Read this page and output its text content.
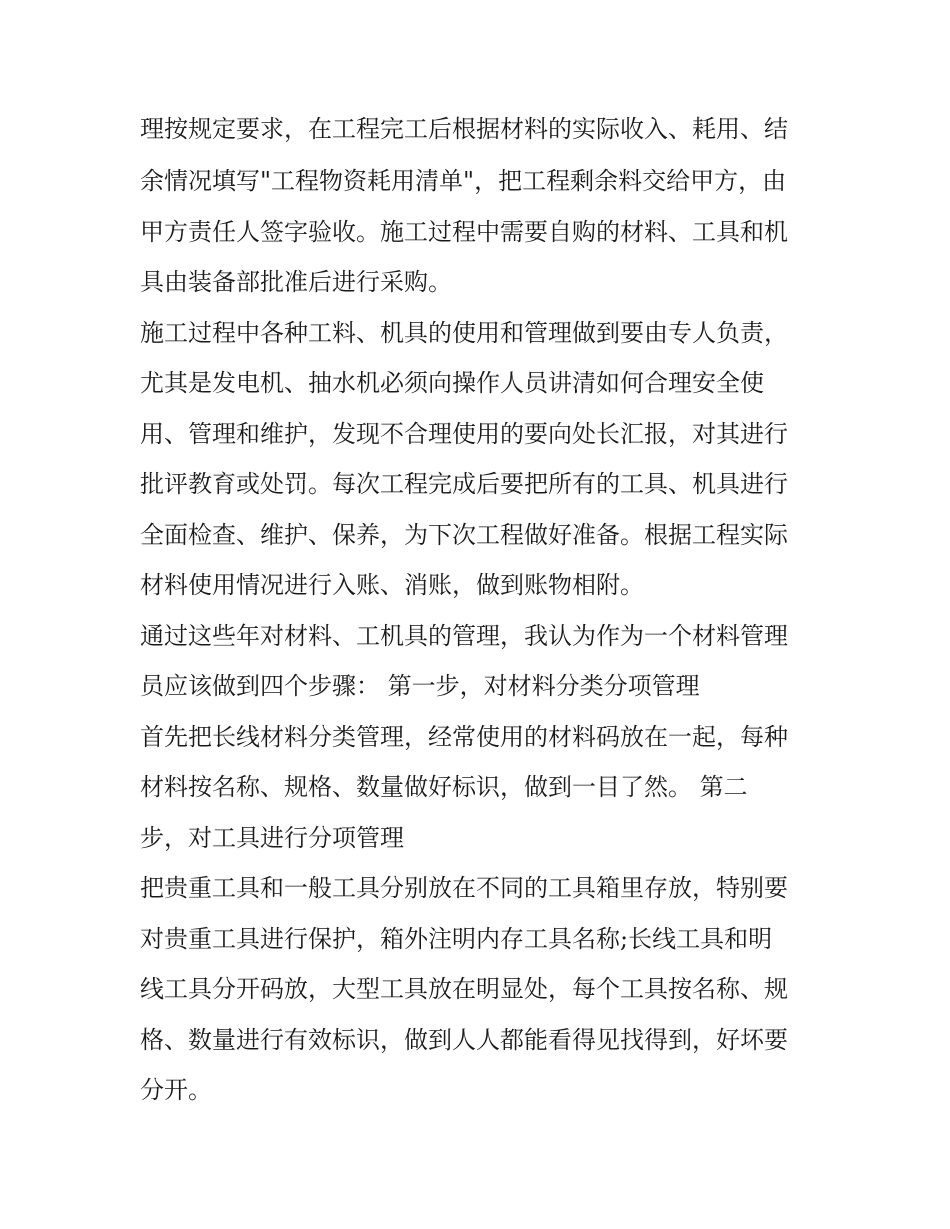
理按规定要求，在工程完工后根据材料的实际收入、耗用、结
余情况填写"工程物资耗用清单"，把工程剩余料交给甲方，由
甲方责任人签字验收。施工过程中需要自购的材料、工具和机
具由装备部批准后进行采购。
施工过程中各种工料、机具的使用和管理做到要由专人负责，
尤其是发电机、抽水机必须向操作人员讲清如何合理安全使
用、管理和维护，发现不合理使用的要向处长汇报，对其进行
批评教育或处罚。每次工程完成后要把所有的工具、机具进行
全面检查、维护、保养，为下次工程做好准备。根据工程实际
材料使用情况进行入账、消账，做到账物相附。
通过这些年对材料、工机具的管理，我认为作为一个材料管理
员应该做到四个步骤： 第一步，对材料分类分项管理
首先把长线材料分类管理，经常使用的材料码放在一起，每种
材料按名称、规格、数量做好标识，做到一目了然。 第二
步，对工具进行分项管理
把贵重工具和一般工具分别放在不同的工具箱里存放，特别要
对贵重工具进行保护，箱外注明内存工具名称;长线工具和明
线工具分开码放，大型工具放在明显处，每个工具按名称、规
格、数量进行有效标识，做到人人都能看得见找得到，好坏要
分开。
